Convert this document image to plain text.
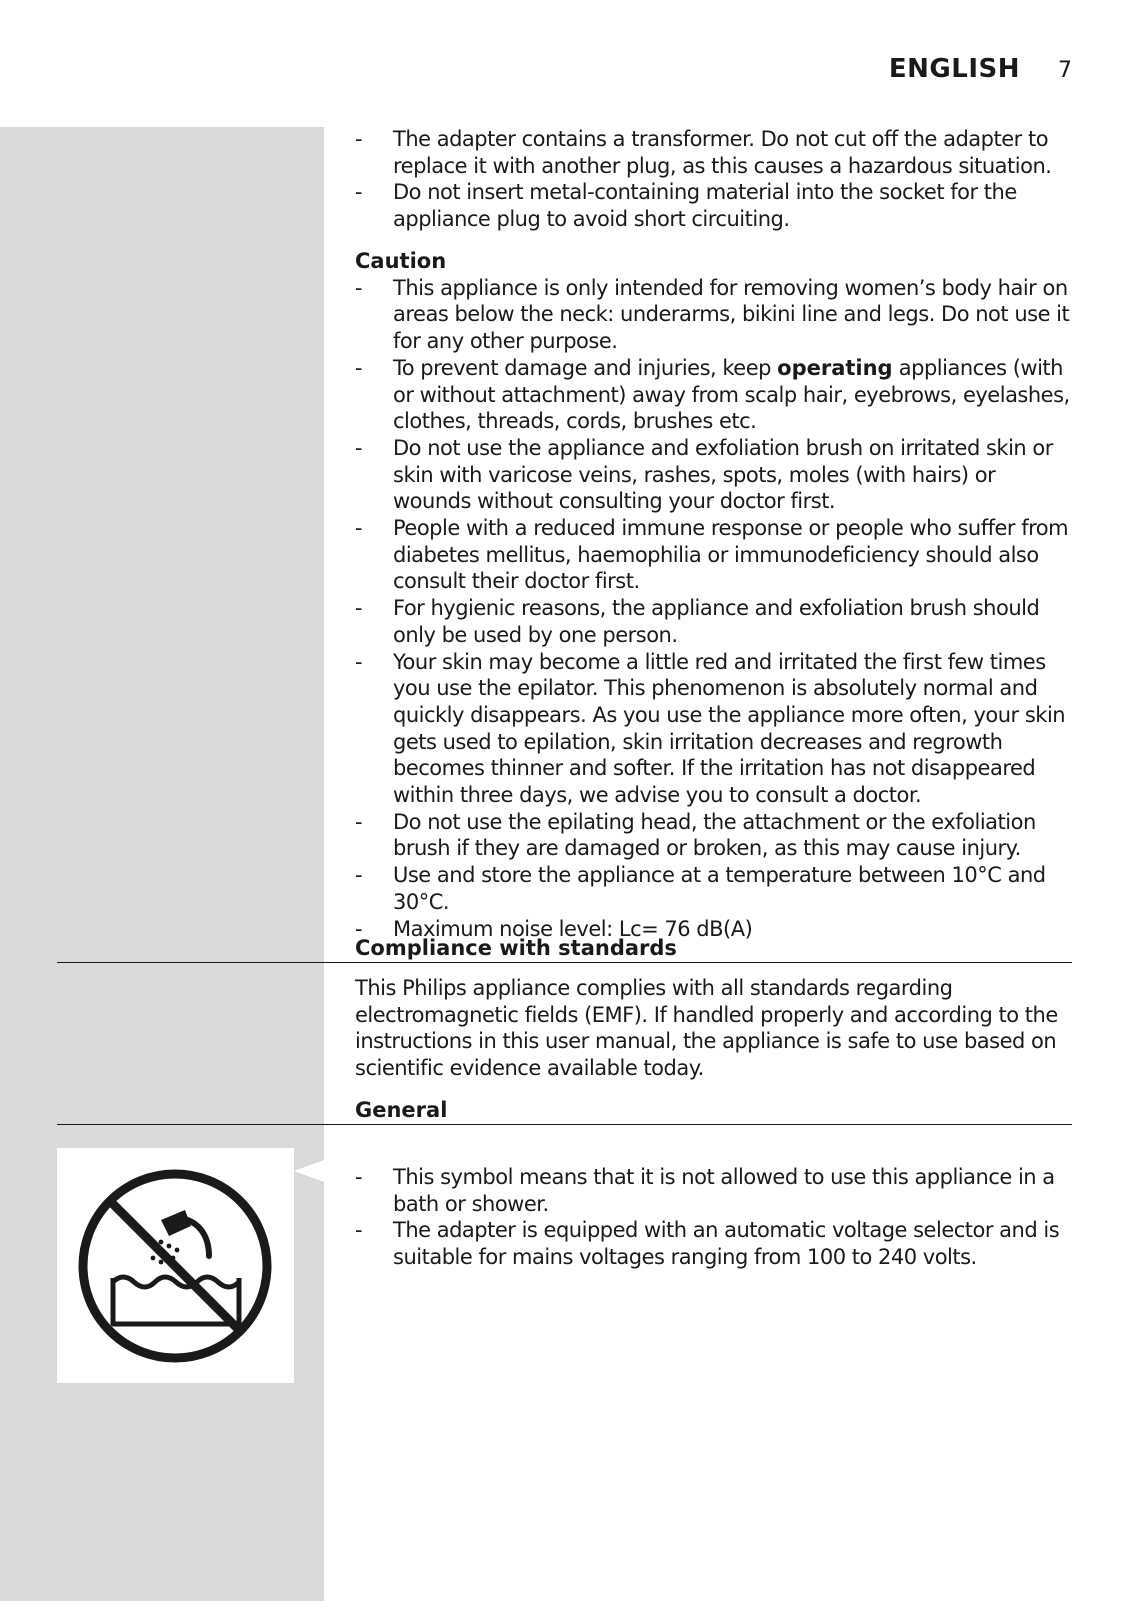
ENGLISH 7
- The adapter contains a transformer. Do not cut off the adapter to replace it with another plug, as this causes a hazardous situation.
- Do not insert metal-containing material into the socket for the appliance plug to avoid short circuiting.
Caution
- This appliance is only intended for removing women’s body hair on areas below the neck: underarms, bikini line and legs. Do not use it for any other purpose.
- To prevent damage and injuries, keep operating appliances (with or without attachment) away from scalp hair, eyebrows, eyelashes, clothes, threads, cords, brushes etc.
- Do not use the appliance and exfoliation brush on irritated skin or skin with varicose veins, rashes, spots, moles (with hairs) or wounds without consulting your doctor first.
- People with a reduced immune response or people who suffer from diabetes mellitus, haemophilia or immunodeficiency should also consult their doctor first.
- For hygienic reasons, the appliance and exfoliation brush should only be used by one person.
- Your skin may become a little red and irritated the first few times you use the epilator. This phenomenon is absolutely normal and quickly disappears. As you use the appliance more often, your skin gets used to epilation, skin irritation decreases and regrowth becomes thinner and softer. If the irritation has not disappeared within three days, we advise you to consult a doctor.
- Do not use the epilating head, the attachment or the exfoliation brush if they are damaged or broken, as this may cause injury.
- Use and store the appliance at a temperature between 10°C and 30°C.
- Maximum noise level: Lc= 76 dB(A)
Compliance with standards
This Philips appliance complies with all standards regarding electromagnetic fields (EMF). If handled properly and according to the instructions in this user manual, the appliance is safe to use based on scientific evidence available today.
General
- This symbol means that it is not allowed to use this appliance in a bath or shower.
- The adapter is equipped with an automatic voltage selector and is suitable for mains voltages ranging from 100 to 240 volts.
